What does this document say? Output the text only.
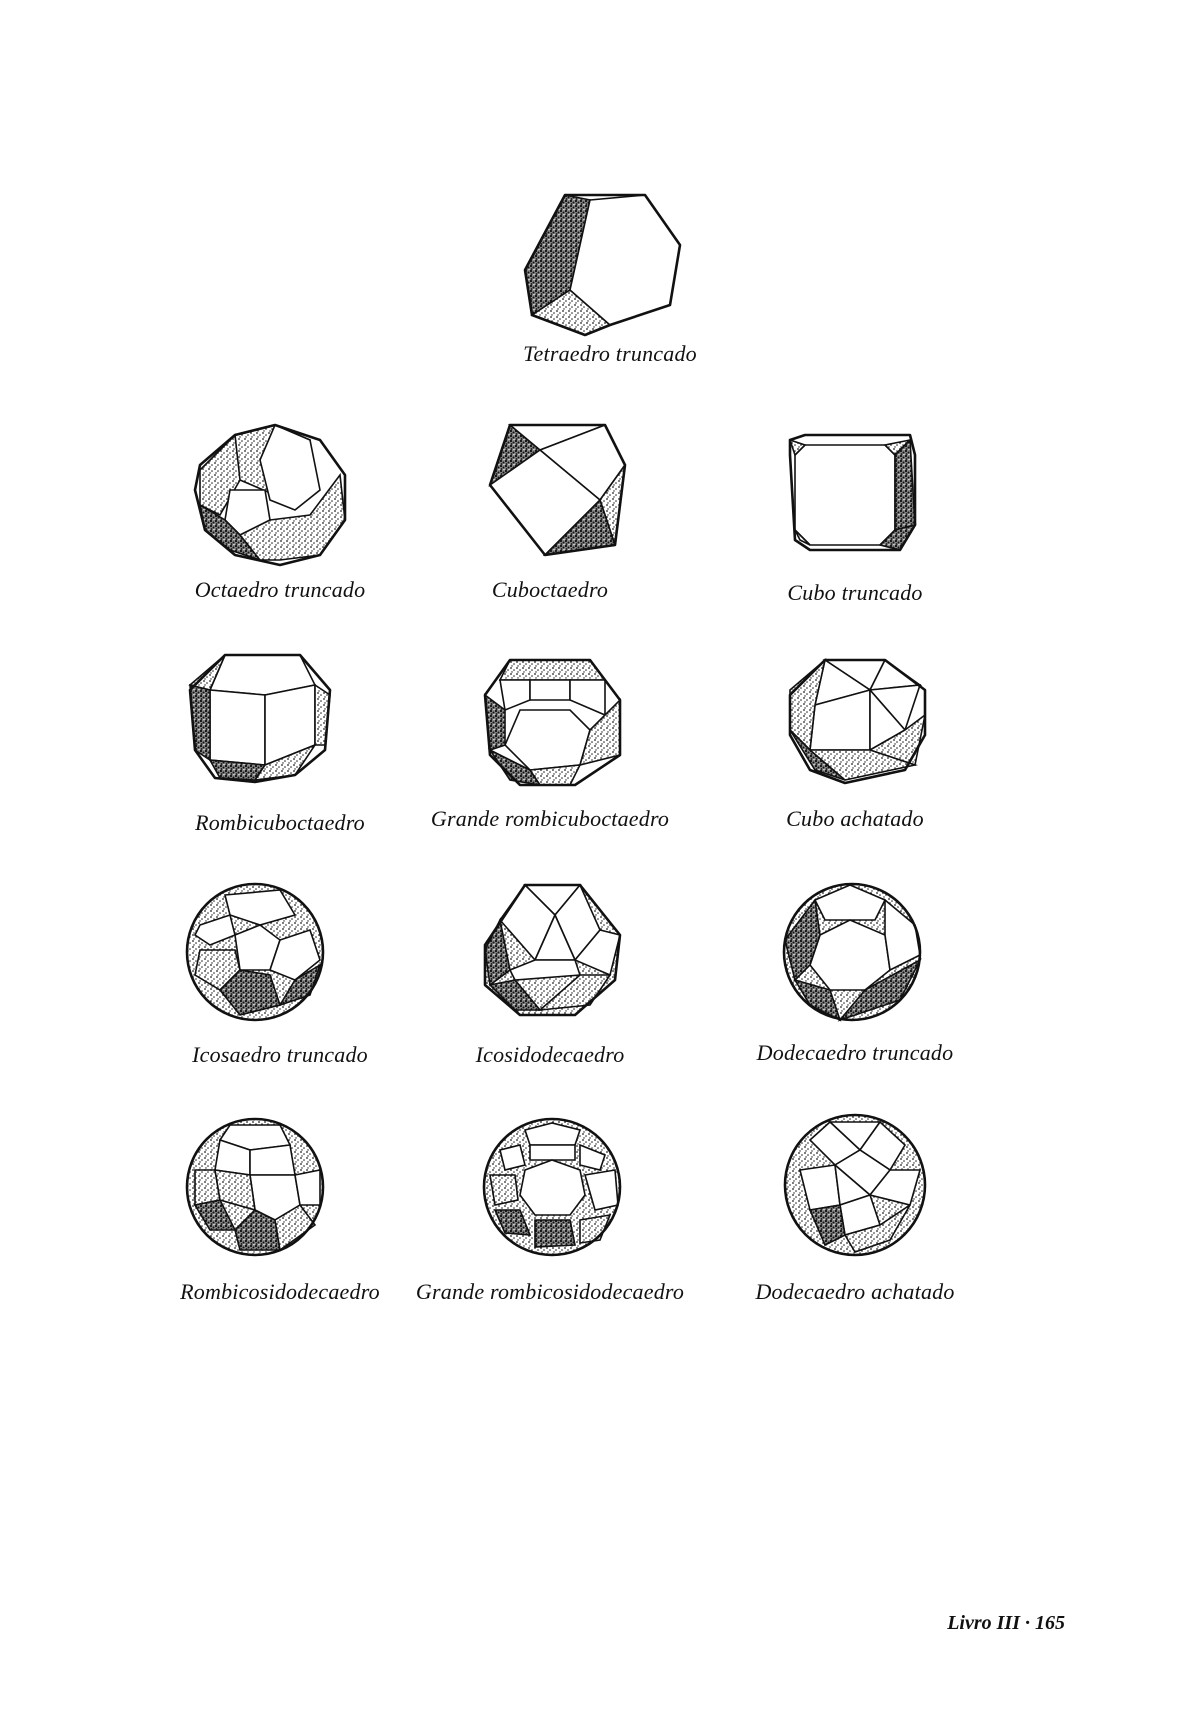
Tetraedro truncado
Octaedro truncado	Cuboctaedro	Cubo truncado
Rombicuboctaedro	Grande rombicuboctaedro	Cubo achatado
Icosaedro truncado	Icosidodecaedro	Dodecaedro truncado
Rombicosidodecaedro	Grande rombicosidodecaedro	Dodecaedro achatado
Livro III · 165
